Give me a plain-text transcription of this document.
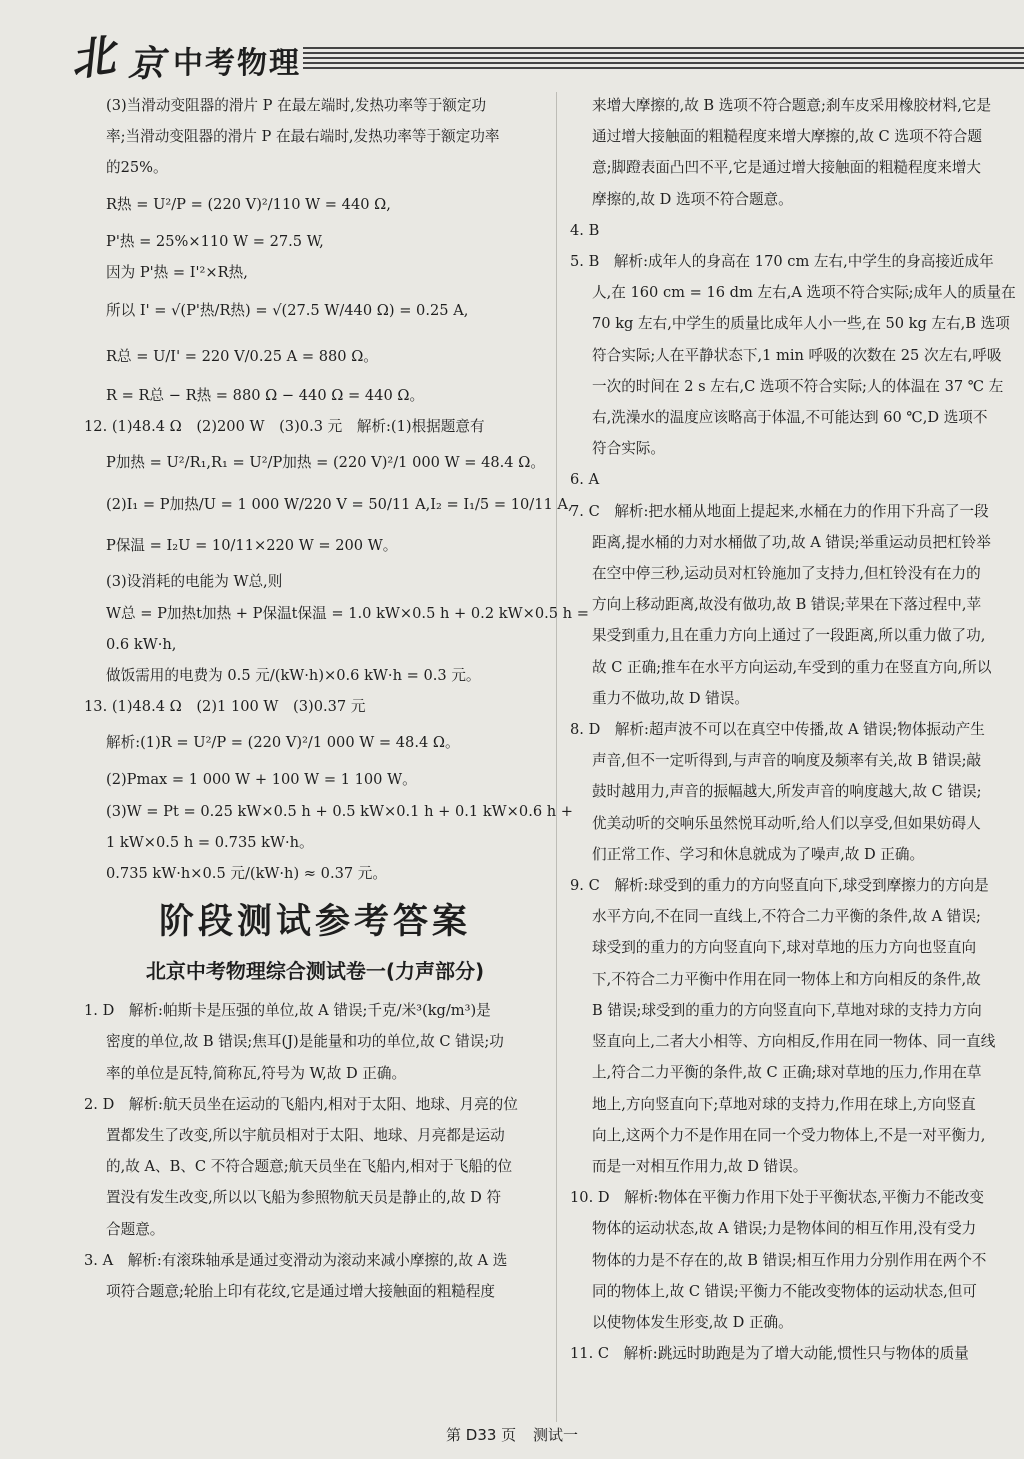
北 京 中考物理
(3)当滑动变阻器的滑片 P 在最左端时,发热功率等于额定功
率;当滑动变阻器的滑片 P 在最右端时,发热功率等于额定功率
的25%。
R热 = U²/P = (220 V)²/110 W = 440 Ω,
P'热 = 25%×110 W = 27.5 W,
因为 P'热 = I'²×R热,
所以 I' = √(P'热/R热) = √(27.5 W/440 Ω) = 0.25 A,
R总 = U/I' = 220 V/0.25 A = 880 Ω。
R = R总 − R热 = 880 Ω − 440 Ω = 440 Ω。
12. (1)48.4 Ω　(2)200 W　(3)0.3 元　解析:(1)根据题意有
P加热 = U²/R₁,R₁ = U²/P加热 = (220 V)²/1 000 W = 48.4 Ω。
(2)I₁ = P加热/U = 1 000 W/220 V = 50/11 A,I₂ = I₁/5 = 10/11 A,
P保温 = I₂U = 10/11×220 W = 200 W。
(3)设消耗的电能为 W总,则
W总 = P加热t加热 + P保温t保温 = 1.0 kW×0.5 h + 0.2 kW×0.5 h =
0.6 kW·h,
做饭需用的电费为 0.5 元/(kW·h)×0.6 kW·h = 0.3 元。
13. (1)48.4 Ω　(2)1 100 W　(3)0.37 元
解析:(1)R = U²/P = (220 V)²/1 000 W = 48.4 Ω。
(2)Pmax = 1 000 W + 100 W = 1 100 W。
(3)W = Pt = 0.25 kW×0.5 h + 0.5 kW×0.1 h + 0.1 kW×0.6 h +
1 kW×0.5 h = 0.735 kW·h。
0.735 kW·h×0.5 元/(kW·h) ≈ 0.37 元。
阶段测试参考答案
北京中考物理综合测试卷一(力声部分)
1. D　解析:帕斯卡是压强的单位,故 A 错误;千克/米³(kg/m³)是
密度的单位,故 B 错误;焦耳(J)是能量和功的单位,故 C 错误;功
率的单位是瓦特,简称瓦,符号为 W,故 D 正确。
2. D　解析:航天员坐在运动的飞船内,相对于太阳、地球、月亮的位
置都发生了改变,所以宇航员相对于太阳、地球、月亮都是运动
的,故 A、B、C 不符合题意;航天员坐在飞船内,相对于飞船的位
置没有发生改变,所以以飞船为参照物航天员是静止的,故 D 符
合题意。
3. A　解析:有滚珠轴承是通过变滑动为滚动来减小摩擦的,故 A 选
项符合题意;轮胎上印有花纹,它是通过增大接触面的粗糙程度
来增大摩擦的,故 B 选项不符合题意;刹车皮采用橡胶材料,它是
通过增大接触面的粗糙程度来增大摩擦的,故 C 选项不符合题
意;脚蹬表面凸凹不平,它是通过增大接触面的粗糙程度来增大
摩擦的,故 D 选项不符合题意。
4. B
5. B　解析:成年人的身高在 170 cm 左右,中学生的身高接近成年
人,在 160 cm = 16 dm 左右,A 选项不符合实际;成年人的质量在
70 kg 左右,中学生的质量比成年人小一些,在 50 kg 左右,B 选项
符合实际;人在平静状态下,1 min 呼吸的次数在 25 次左右,呼吸
一次的时间在 2 s 左右,C 选项不符合实际;人的体温在 37 ℃ 左
右,洗澡水的温度应该略高于体温,不可能达到 60 ℃,D 选项不
符合实际。
6. A
7. C　解析:把水桶从地面上提起来,水桶在力的作用下升高了一段
距离,提水桶的力对水桶做了功,故 A 错误;举重运动员把杠铃举
在空中停三秒,运动员对杠铃施加了支持力,但杠铃没有在力的
方向上移动距离,故没有做功,故 B 错误;苹果在下落过程中,苹
果受到重力,且在重力方向上通过了一段距离,所以重力做了功,
故 C 正确;推车在水平方向运动,车受到的重力在竖直方向,所以
重力不做功,故 D 错误。
8. D　解析:超声波不可以在真空中传播,故 A 错误;物体振动产生
声音,但不一定听得到,与声音的响度及频率有关,故 B 错误;敲
鼓时越用力,声音的振幅越大,所发声音的响度越大,故 C 错误;
优美动听的交响乐虽然悦耳动听,给人们以享受,但如果妨碍人
们正常工作、学习和休息就成为了噪声,故 D 正确。
9. C　解析:球受到的重力的方向竖直向下,球受到摩擦力的方向是
水平方向,不在同一直线上,不符合二力平衡的条件,故 A 错误;
球受到的重力的方向竖直向下,球对草地的压力方向也竖直向
下,不符合二力平衡中作用在同一物体上和方向相反的条件,故
B 错误;球受到的重力的方向竖直向下,草地对球的支持力方向
竖直向上,二者大小相等、方向相反,作用在同一物体、同一直线
上,符合二力平衡的条件,故 C 正确;球对草地的压力,作用在草
地上,方向竖直向下;草地对球的支持力,作用在球上,方向竖直
向上,这两个力不是作用在同一个受力物体上,不是一对平衡力,
而是一对相互作用力,故 D 错误。
10. D　解析:物体在平衡力作用下处于平衡状态,平衡力不能改变
物体的运动状态,故 A 错误;力是物体间的相互作用,没有受力
物体的力是不存在的,故 B 错误;相互作用力分别作用在两个不
同的物体上,故 C 错误;平衡力不能改变物体的运动状态,但可
以使物体发生形变,故 D 正确。
11. C　解析:跳远时助跑是为了增大动能,惯性只与物体的质量
第 D33 页 测试一
